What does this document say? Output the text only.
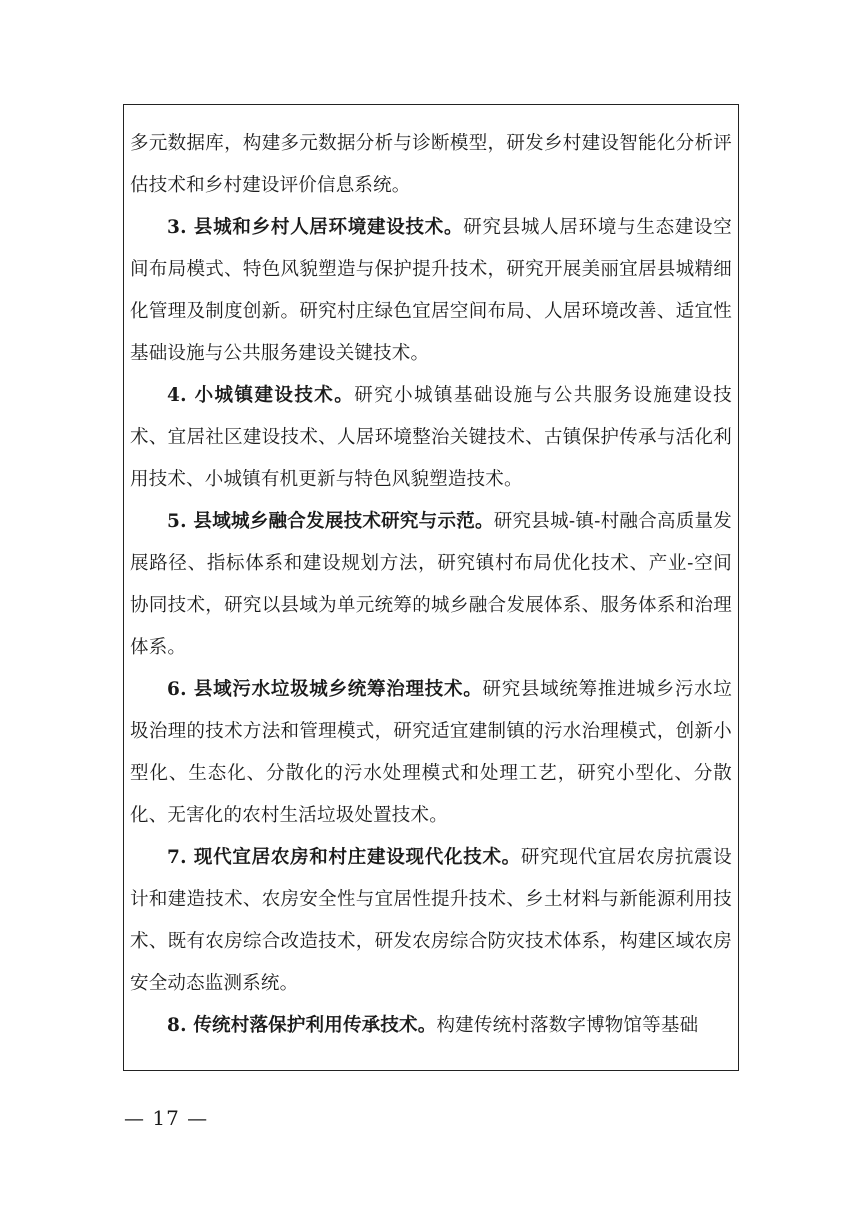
多元数据库，构建多元数据分析与诊断模型，研发乡村建设智能化分析评估技术和乡村建设评价信息系统。

3. 县城和乡村人居环境建设技术。研究县城人居环境与生态建设空间布局模式、特色风貌塑造与保护提升技术，研究开展美丽宜居县城精细化管理及制度创新。研究村庄绿色宜居空间布局、人居环境改善、适宜性基础设施与公共服务建设关键技术。

4. 小城镇建设技术。研究小城镇基础设施与公共服务设施建设技术、宜居社区建设技术、人居环境整治关键技术、古镇保护传承与活化利用技术、小城镇有机更新与特色风貌塑造技术。

5. 县域城乡融合发展技术研究与示范。研究县城-镇-村融合高质量发展路径、指标体系和建设规划方法，研究镇村布局优化技术、产业-空间协同技术，研究以县域为单元统筹的城乡融合发展体系、服务体系和治理体系。

6. 县域污水垃圾城乡统筹治理技术。研究县域统筹推进城乡污水垃圾治理的技术方法和管理模式，研究适宜建制镇的污水治理模式，创新小型化、生态化、分散化的污水处理模式和处理工艺，研究小型化、分散化、无害化的农村生活垃圾处置技术。

7. 现代宜居农房和村庄建设现代化技术。研究现代宜居农房抗震设计和建造技术、农房安全性与宜居性提升技术、乡土材料与新能源利用技术、既有农房综合改造技术，研发农房综合防灾技术体系，构建区域农房安全动态监测系统。

8. 传统村落保护利用传承技术。构建传统村落数字博物馆等基础

— 17 —
